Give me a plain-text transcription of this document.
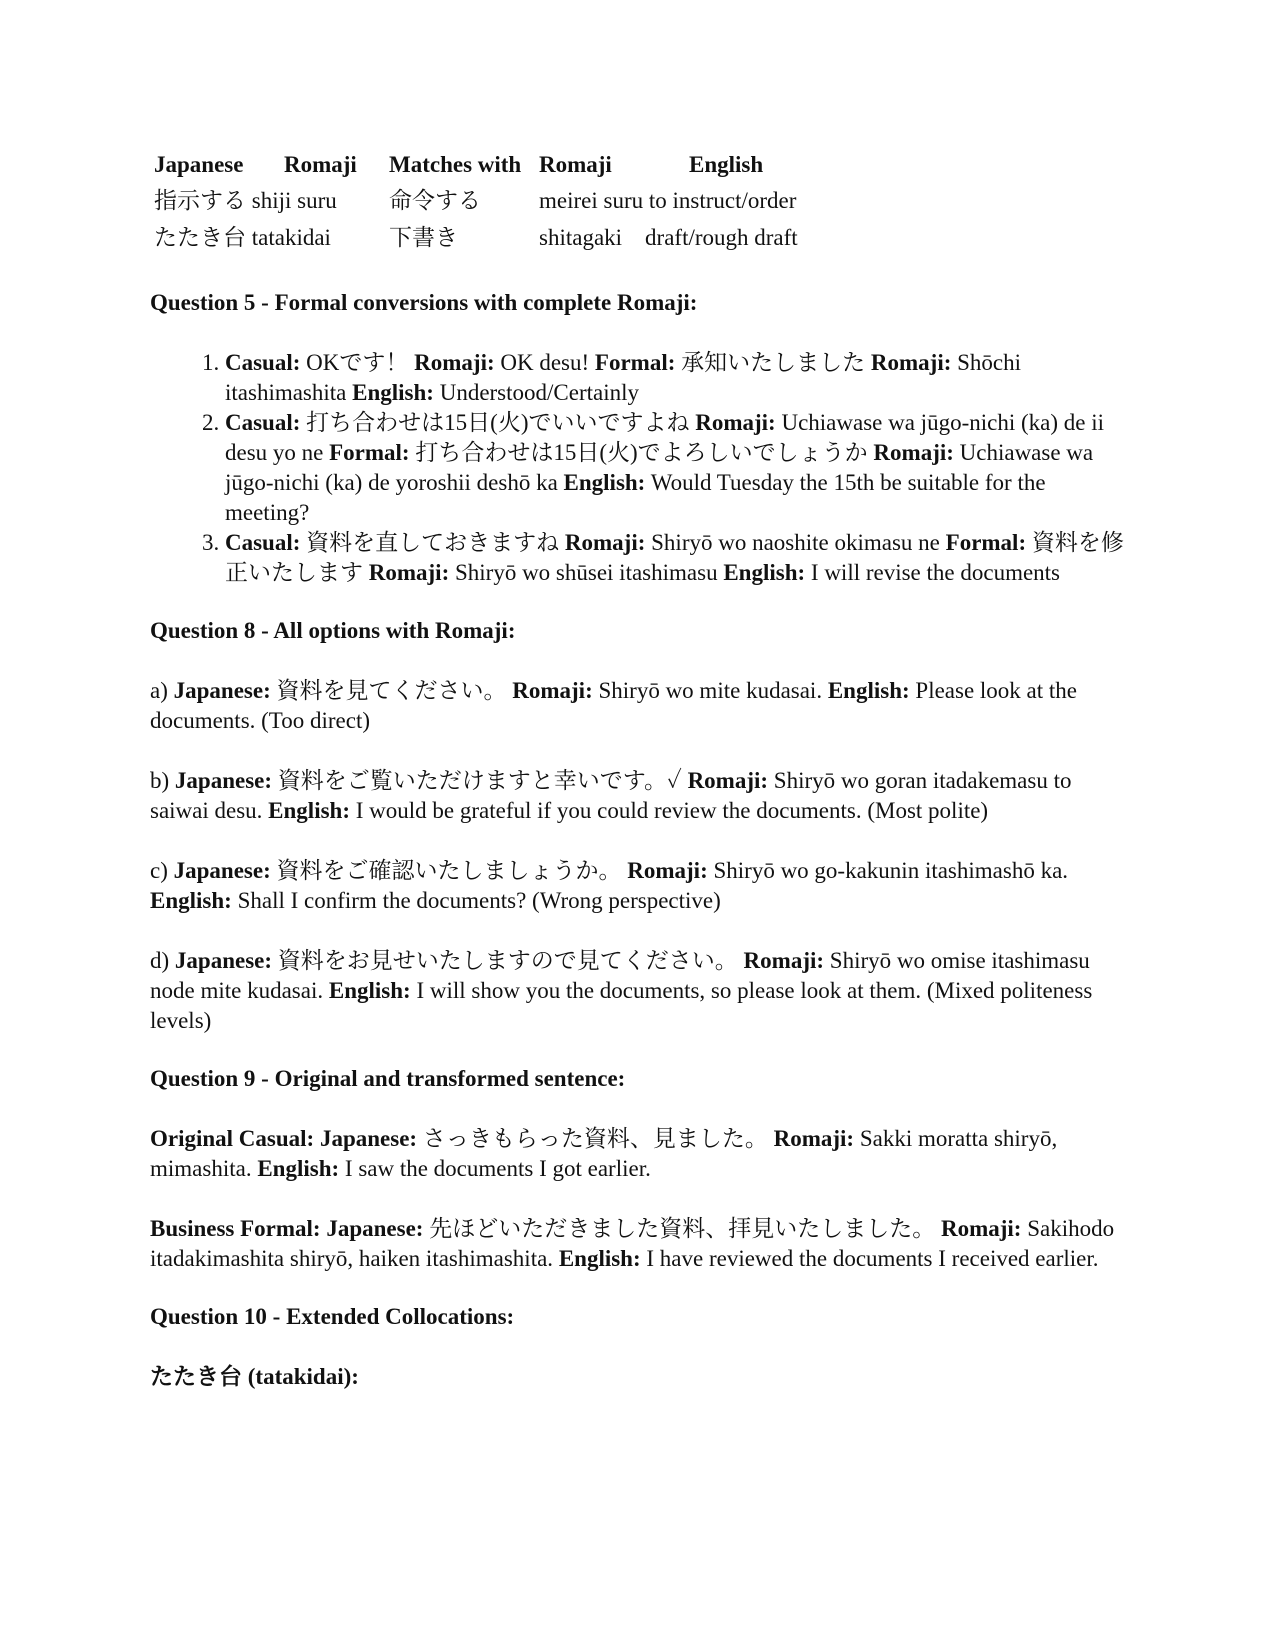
Japanese	Romaji	Matches with	Romaji	English
指示する shiji suru		命令する	meirei suru to instruct/order	
たたき台 tatakidai		下書き	shitagaki draft/rough draft	

Question 5 - Formal conversions with complete Romaji:

1. Casual: OKです！ Romaji: OK desu! Formal: 承知いたしました Romaji: Shōchi itashimashita English: Understood/Certainly
2. Casual: 打ち合わせは15日(火)でいいですよね Romaji: Uchiawase wa jūgo-nichi (ka) de ii desu yo ne Formal: 打ち合わせは15日(火)でよろしいでしょうか Romaji: Uchiawase wa jūgo-nichi (ka) de yoroshii deshō ka English: Would Tuesday the 15th be suitable for the meeting?
3. Casual: 資料を直しておきますね Romaji: Shiryō wo naoshite okimasu ne Formal: 資料を修正いたします Romaji: Shiryō wo shūsei itashimasu English: I will revise the documents

Question 8 - All options with Romaji:

a) Japanese: 資料を見てください。 Romaji: Shiryō wo mite kudasai. English: Please look at the documents. (Too direct)

b) Japanese: 資料をご覧いただけますと幸いです。✓ Romaji: Shiryō wo goran itadakemasu to saiwai desu. English: I would be grateful if you could review the documents. (Most polite)

c) Japanese: 資料をご確認いたしましょうか。 Romaji: Shiryō wo go-kakunin itashimashō ka. English: Shall I confirm the documents? (Wrong perspective)

d) Japanese: 資料をお見せいたしますので見てください。 Romaji: Shiryō wo omise itashimasu node mite kudasai. English: I will show you the documents, so please look at them. (Mixed politeness levels)

Question 9 - Original and transformed sentence:

Original Casual: Japanese: さっきもらった資料、見ました。 Romaji: Sakki moratta shiryō, mimashita. English: I saw the documents I got earlier.

Business Formal: Japanese: 先ほどいただきました資料、拝見いたしました。 Romaji: Sakihodo itadakimashita shiryō, haiken itashimashita. English: I have reviewed the documents I received earlier.

Question 10 - Extended Collocations:

たたき台 (tatakidai):
